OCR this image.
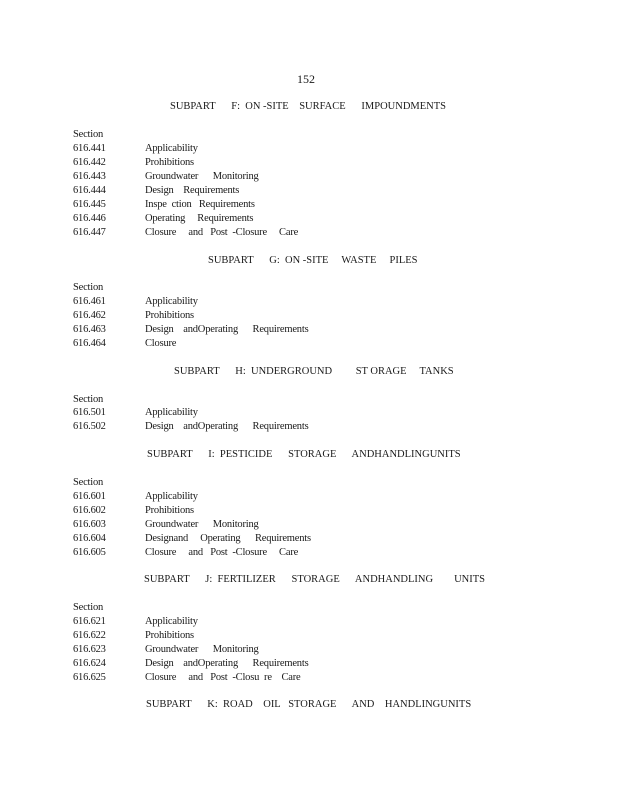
152
SUBPART      F:  ON -SITE    SURFACE      IMPOUNDMENTS
Section
616.441	Applicability
616.442	Prohibitions
616.443	Groundwater      Monitoring
616.444	Design    Requirements
616.445	Inspe  ction   Requirements
616.446	Operating     Requirements
616.447	Closure     and   Post  -Closure     Care
SUBPART      G:  ON -SITE     WASTE     PILES
Section
616.461	Applicability
616.462	Prohibitions
616.463	Design    andOperating      Requirements
616.464	Closure
SUBPART      H:  UNDERGROUND         ST ORAGE     TANKS
Section
616.501	Applicability
616.502	Design    andOperating      Requirements
SUBPART      I:  PESTICIDE      STORAGE      ANDHANDLINGUNITS
Section
616.601	Applicability
616.602	Prohibitions
616.603	Groundwater      Monitoring
616.604	Designand     Operating      Requirements
616.605	Closure     and   Post  -Closure     Care
SUBPART      J:  FERTILIZER      STORAGE      ANDHANDLING        UNITS
Section
616.621	Applicability
616.622	Prohibitions
616.623	Groundwater      Monitoring
616.624	Design    andOperating      Requirements
616.625	Closure     and   Post  -Closu  re    Care
SUBPART      K:  ROAD    OIL   STORAGE      AND    HANDLINGUNITS
